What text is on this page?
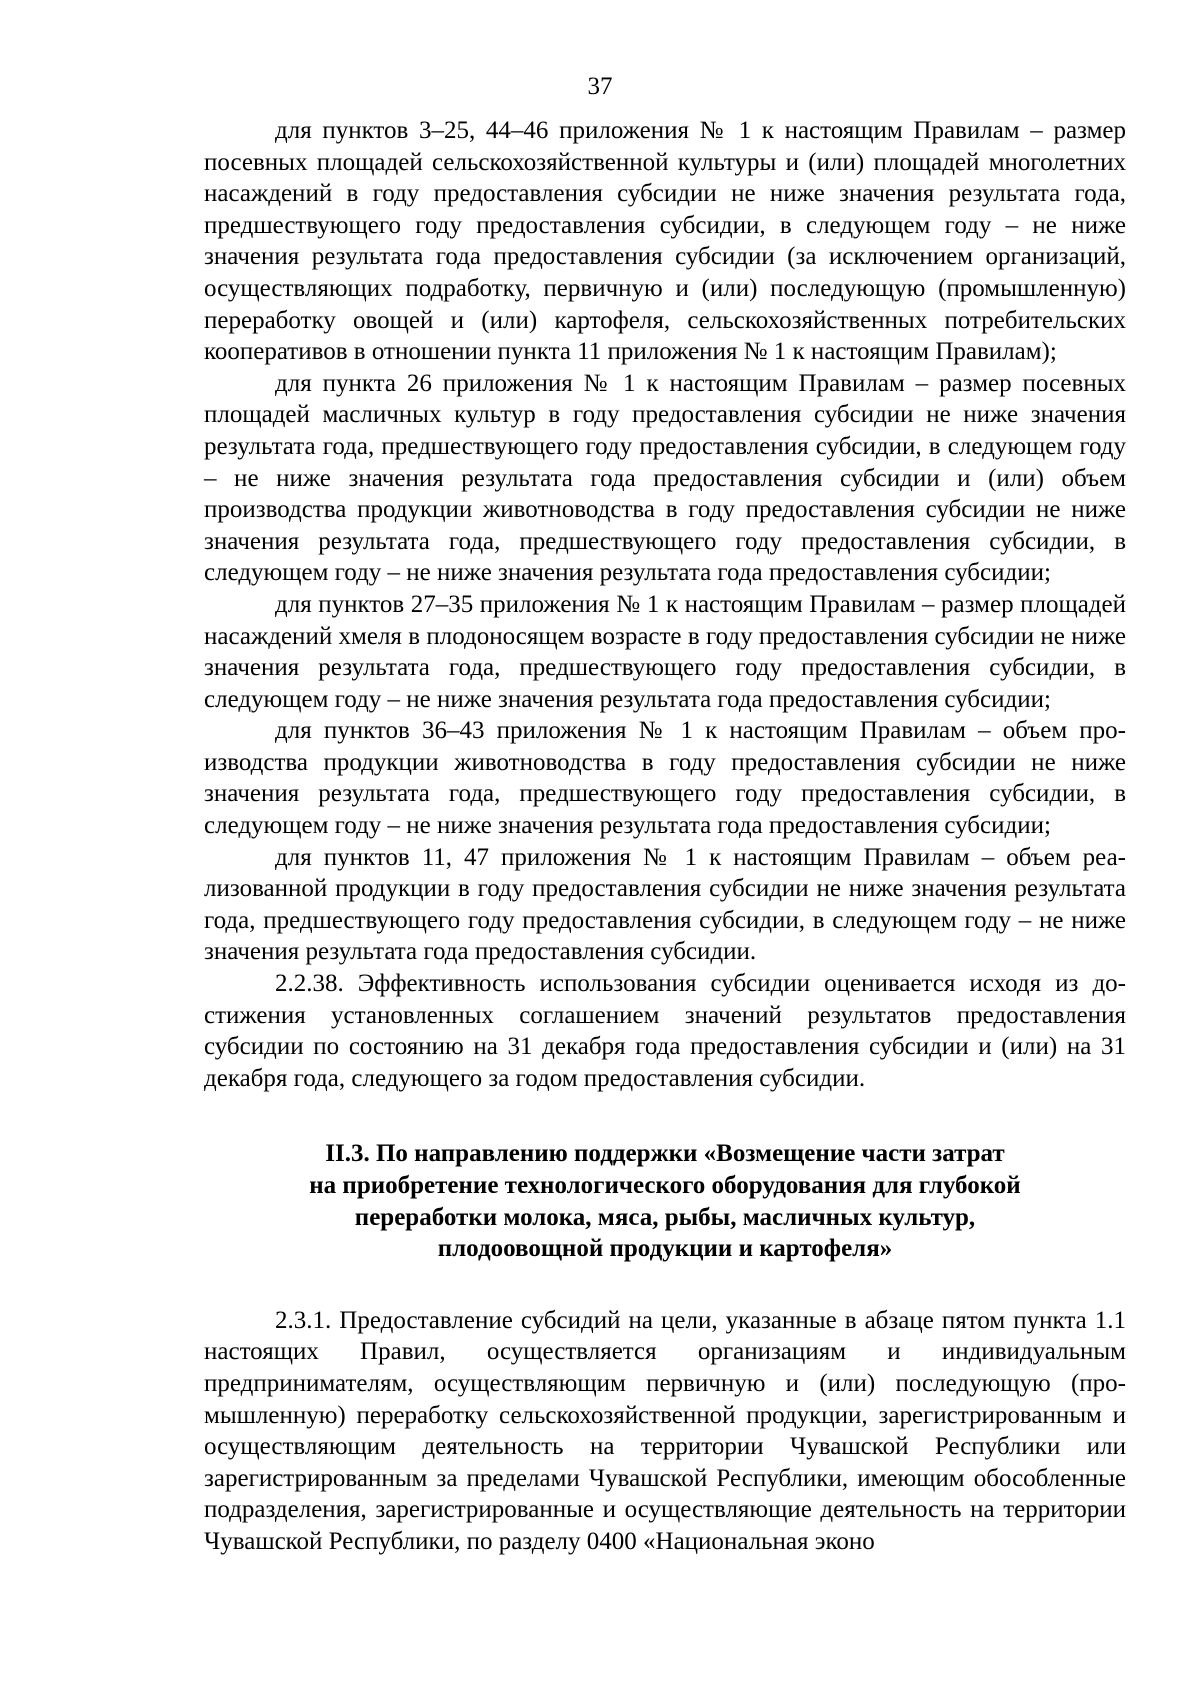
37

для пунктов 3–25, 44–46 приложения № 1 к настоящим Правилам – размер посевных площадей сельскохозяйственной культуры и (или) площадей многолетних насаждений в году предоставления субсидии не ниже значения результата года, предшествующего году предоставления субсидии, в следующем году – не ниже значения результата года предоставления субсидии (за исключением организаций, осуществляющих подработку, первичную и (или) последующую (промышленную) переработку овощей и (или) картофеля, сельскохозяйственных потребительских кооперативов в отношении пункта 11 приложения № 1 к настоящим Правилам);

для пункта 26 приложения № 1 к настоящим Правилам – размер посевных площадей масличных культур в году предоставления субсидии не ниже значения результата года, предшествующего году предоставления субсидии, в следующем году – не ниже значения результата года предоставления субсидии и (или) объем производства продукции животноводства в году предоставления субсидии не ниже значения результата года, предшествующего году предоставления субсидии, в следующем году – не ниже значения результата года предоставления субсидии;

для пунктов 27–35 приложения № 1 к настоящим Правилам – размер площадей насаждений хмеля в плодоносящем возрасте в году предоставления субсидии не ниже значения результата года, предшествующего году предоставления субсидии, в следующем году – не ниже значения результата года предоставления субсидии;

для пунктов 36–43 приложения № 1 к настоящим Правилам – объем производства продукции животноводства в году предоставления субсидии не ниже значения результата года, предшествующего году предоставления субсидии, в следующем году – не ниже значения результата года предоставления субсидии;

для пунктов 11, 47 приложения № 1 к настоящим Правилам – объем реализованной продукции в году предоставления субсидии не ниже значения результата года, предшествующего году предоставления субсидии, в следующем году – не ниже значения результата года предоставления субсидии.

2.2.38. Эффективность использования субсидии оценивается исходя из достижения установленных соглашением значений результатов предоставления субсидии по состоянию на 31 декабря года предоставления субсидии и (или) на 31 декабря года, следующего за годом предоставления субсидии.

II.3. По направлению поддержки «Возмещение части затрат
на приобретение технологического оборудования для глубокой
переработки молока, мяса, рыбы, масличных культур,
плодоовощной продукции и картофеля»

2.3.1. Предоставление субсидий на цели, указанные в абзаце пятом пункта 1.1 настоящих Правил, осуществляется организациям и индивидуальным предпринимателям, осуществляющим первичную и (или) последующую (промышленную) переработку сельскохозяйственной продукции, зарегистрированным и осуществляющим деятельность на территории Чувашской Республики или зарегистрированным за пределами Чувашской Республики, имеющим обособленные подразделения, зарегистрированные и осуществляющие деятельность на территории Чувашской Республики, по разделу 0400 «Национальная эконо
